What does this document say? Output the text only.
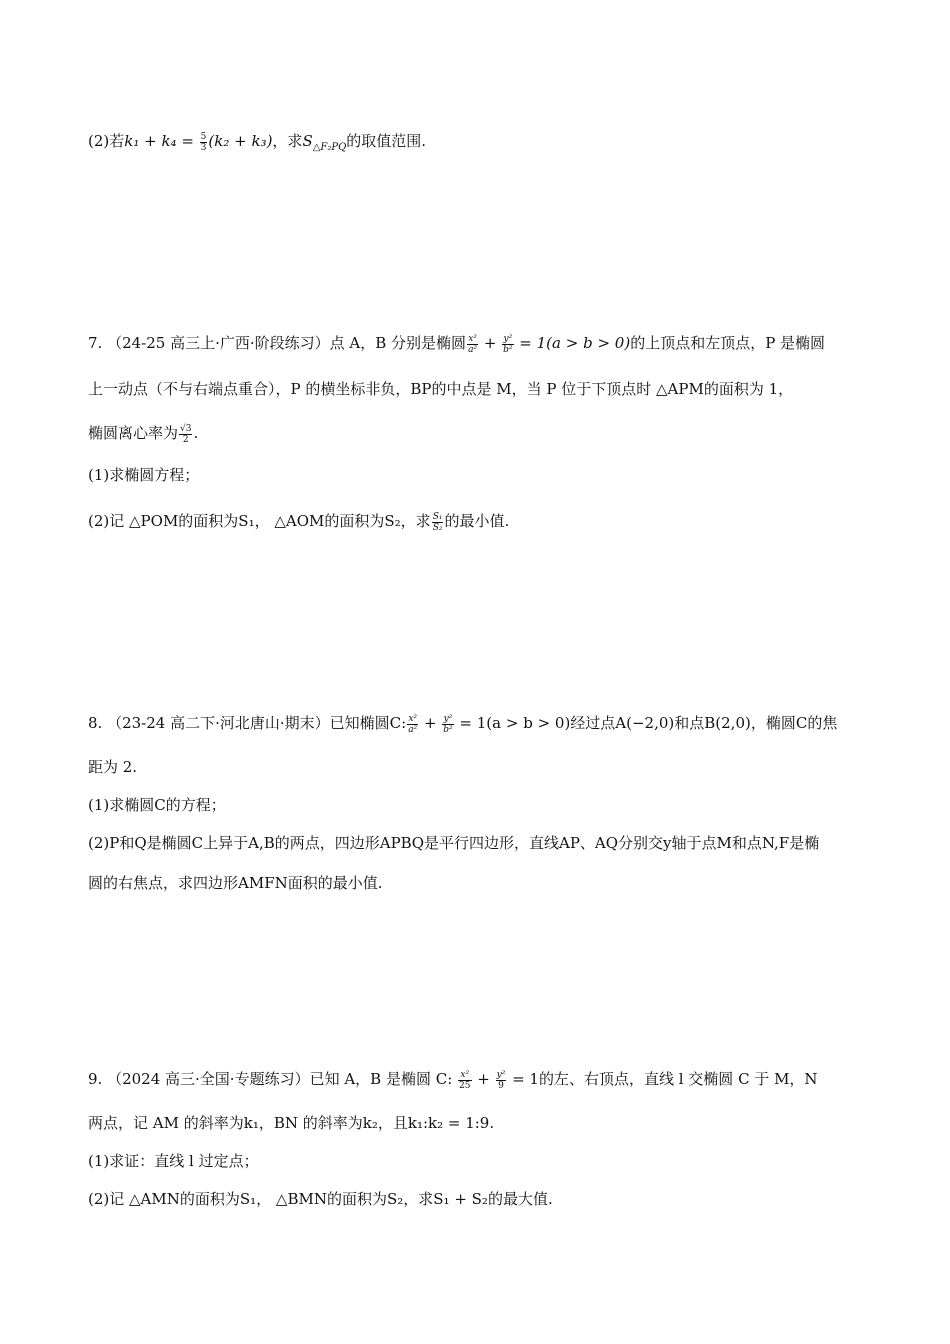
(2)若$k_1 + k_4 = \frac{5}{3} (k_2 + k_3)$，求$S_{\triangle F_2PQ}$的取值范围.
7. （24-25 高三上·广西·阶段练习）点 A，B 分别是椭圆 $\frac{\text{x²}}{\text{a²}} + \frac{\text{y²}}{\text{b²}} = 1(a > b > 0)$的上顶点和左顶点，P 是椭圆
上一动点（不与右端点重合），P 的横坐标非负，BP的中点是 M，当 P 位于下顶点时 △APM的面积为 1，
椭圆离心率为 $\frac{√3}{2}$ .
(1)求椭圆方程；
(2)记 △POM的面积为S₁， △AOM的面积为S₂，求 $\frac{\text{S₁}}{\text{S₂}}$ 的最小值.
8. （23-24 高二下·河北唐山·期末）已知椭圆C: $\frac{\text{x²}}{\text{a²}} + \frac{\text{y²}}{\text{b²}} = 1(a > b > 0)$经过点A(−2,0)和点B(2,0)，椭圆C的焦
距为 2.
(1)求椭圆C的方程；
(2)P和Q是椭圆C上异于A,B的两点，四边形APBQ是平行四边形，直线AP、AQ分别交y轴于点M和点N,F是椭
圆的右焦点，求四边形AMFN面积的最小值.
9. （2024 高三·全国·专题练习）已知 A，B 是椭圆 C: $\frac{\text{x²}}{25} + \frac{\text{y²}}{9} = 1$的左、右顶点，直线 l 交椭圆 C 于 M，N
两点，记 AM 的斜率为k₁，BN 的斜率为k₂，且k₁:k₂ = 1:9.
(1)求证：直线 l 过定点；
(2)记 △AMN的面积为S₁， △BMN的面积为S₂，求S₁ + S₂的最大值.
